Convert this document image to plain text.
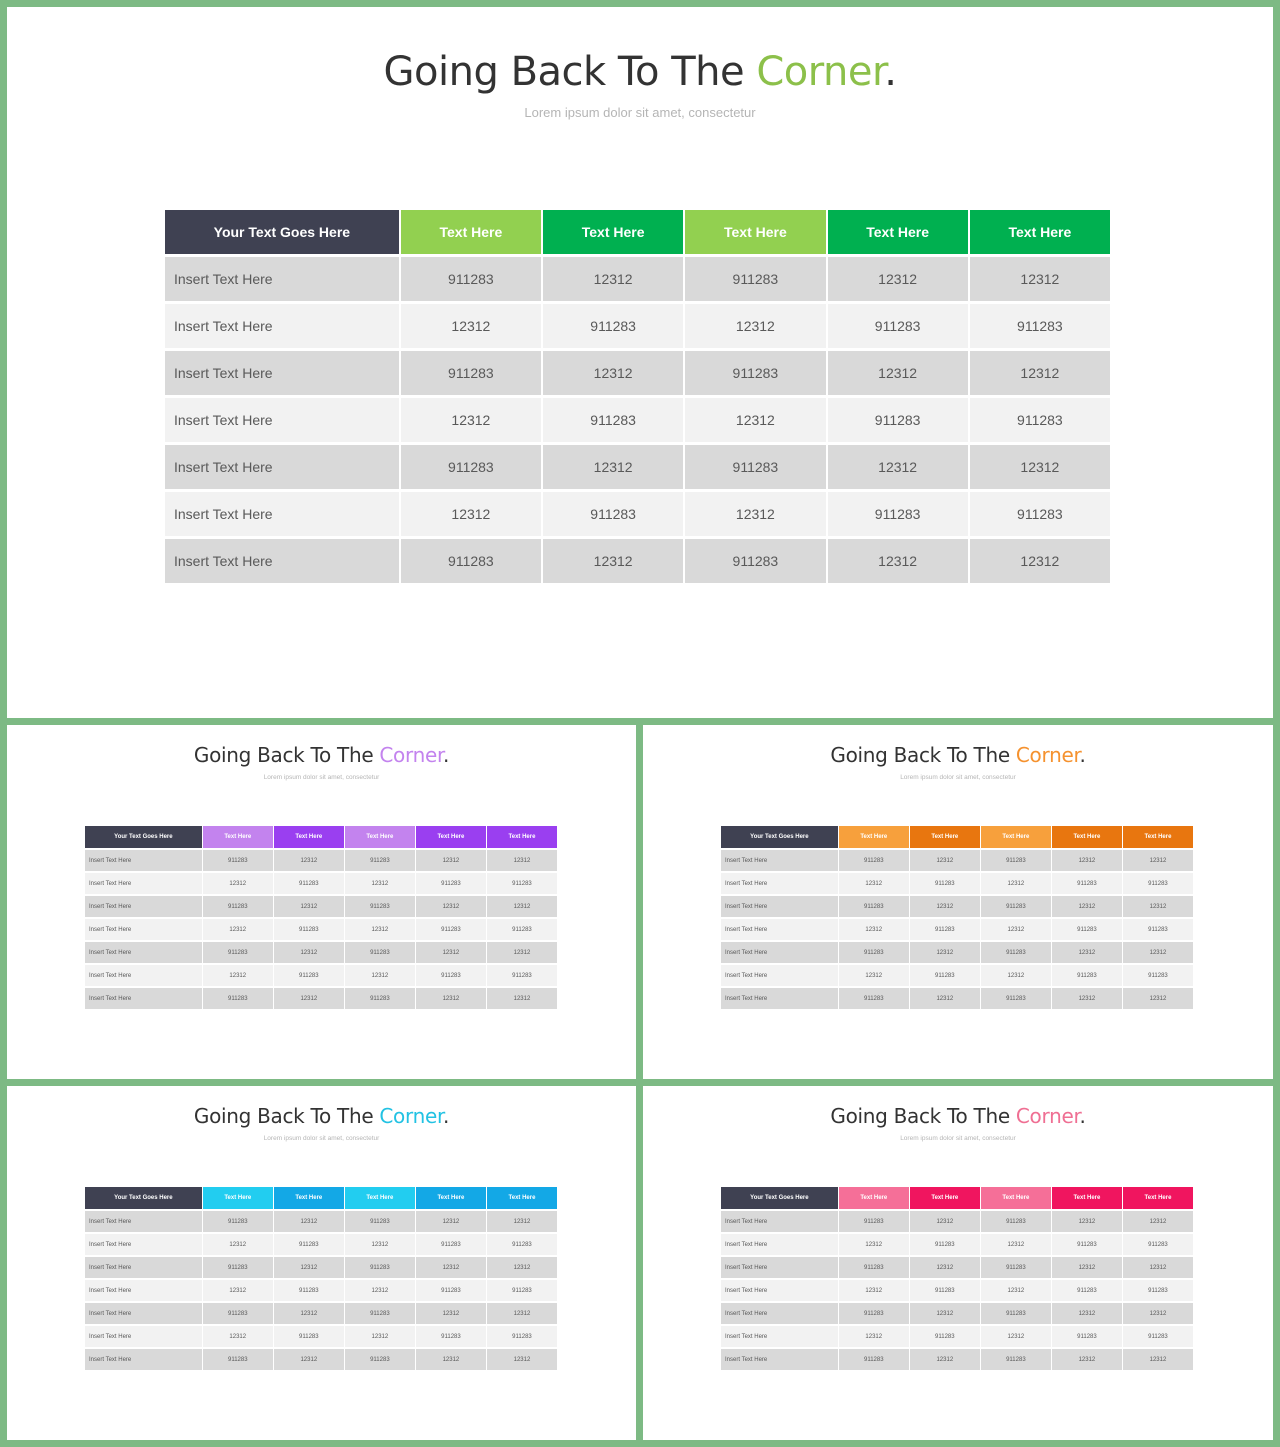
Going Back To The Corner.

Lorem ipsum dolor sit amet, consectetur

Your Text Goes Here	Text Here	Text Here	Text Here	Text Here	Text Here
Insert Text Here	911283	12312	911283	12312	12312
Insert Text Here	12312	911283	12312	911283	911283
Insert Text Here	911283	12312	911283	12312	12312
Insert Text Here	12312	911283	12312	911283	911283
Insert Text Here	911283	12312	911283	12312	12312
Insert Text Here	12312	911283	12312	911283	911283
Insert Text Here	911283	12312	911283	12312	12312
Going Back To The Corner.

Lorem ipsum dolor sit amet, consectetur

Your Text Goes Here	Text Here	Text Here	Text Here	Text Here	Text Here
Insert Text Here	911283	12312	911283	12312	12312
Insert Text Here	12312	911283	12312	911283	911283
Insert Text Here	911283	12312	911283	12312	12312
Insert Text Here	12312	911283	12312	911283	911283
Insert Text Here	911283	12312	911283	12312	12312
Insert Text Here	12312	911283	12312	911283	911283
Insert Text Here	911283	12312	911283	12312	12312
Going Back To The Corner.

Lorem ipsum dolor sit amet, consectetur

Your Text Goes Here	Text Here	Text Here	Text Here	Text Here	Text Here
Insert Text Here	911283	12312	911283	12312	12312
Insert Text Here	12312	911283	12312	911283	911283
Insert Text Here	911283	12312	911283	12312	12312
Insert Text Here	12312	911283	12312	911283	911283
Insert Text Here	911283	12312	911283	12312	12312
Insert Text Here	12312	911283	12312	911283	911283
Insert Text Here	911283	12312	911283	12312	12312
Going Back To The Corner.

Lorem ipsum dolor sit amet, consectetur

Your Text Goes Here	Text Here	Text Here	Text Here	Text Here	Text Here
Insert Text Here	911283	12312	911283	12312	12312
Insert Text Here	12312	911283	12312	911283	911283
Insert Text Here	911283	12312	911283	12312	12312
Insert Text Here	12312	911283	12312	911283	911283
Insert Text Here	911283	12312	911283	12312	12312
Insert Text Here	12312	911283	12312	911283	911283
Insert Text Here	911283	12312	911283	12312	12312
Going Back To The Corner.

Lorem ipsum dolor sit amet, consectetur

Your Text Goes Here	Text Here	Text Here	Text Here	Text Here	Text Here
Insert Text Here	911283	12312	911283	12312	12312
Insert Text Here	12312	911283	12312	911283	911283
Insert Text Here	911283	12312	911283	12312	12312
Insert Text Here	12312	911283	12312	911283	911283
Insert Text Here	911283	12312	911283	12312	12312
Insert Text Here	12312	911283	12312	911283	911283
Insert Text Here	911283	12312	911283	12312	12312
